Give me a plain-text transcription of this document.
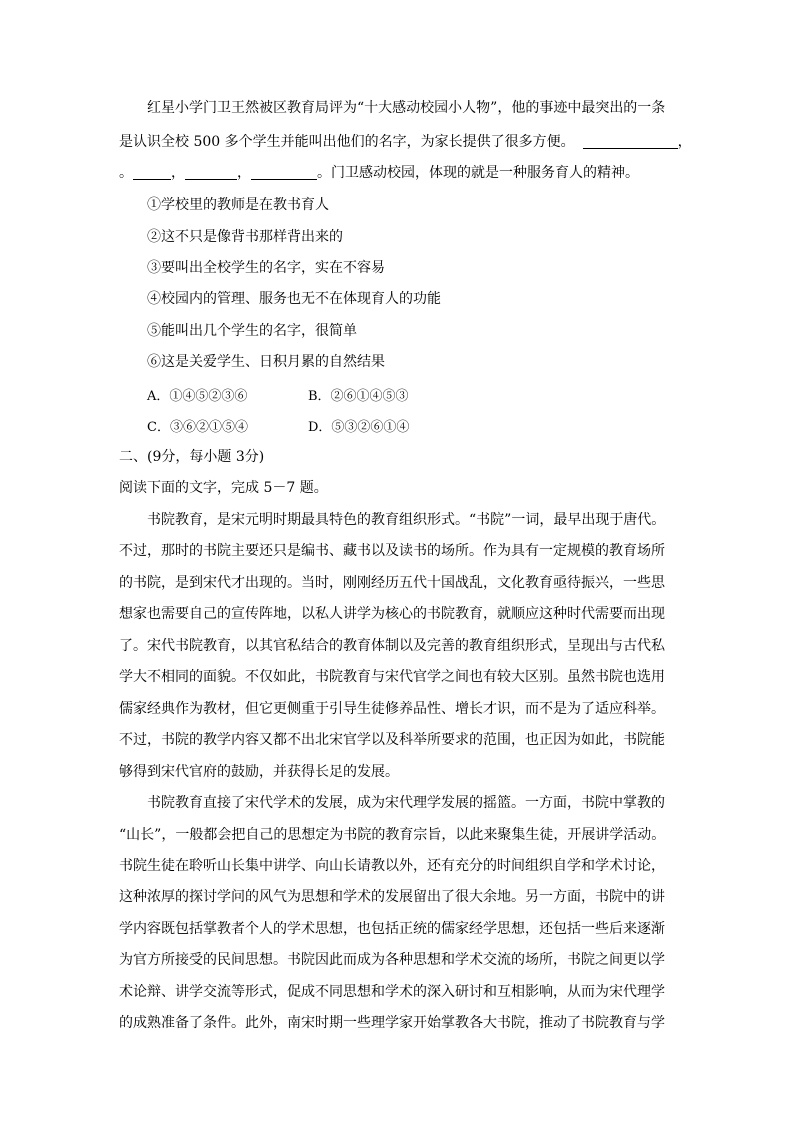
红星小学门卫王然被区教育局评为“十大感动校园小人物”，他的事迹中最突出的一条
是认识全校 500 多个学生并能叫出他们的名字，为家长提供了很多方便。	，
。	，	，	。门卫感动校园，体现的就是一种服务育人的精神。
①学校里的教师是在教书育人
②这不只是像背书那样背出来的
③要叫出全校学生的名字，实在不容易
④校园内的管理、服务也无不在体现育人的功能
⑤能叫出几个学生的名字，很简单
⑥这是关爱学生、日积月累的自然结果
A．①④⑤②③⑥	B．②⑥①④⑤③
C．③⑥②①⑤④	D．⑤③②⑥①④
二、(9分，每小题 3分)
阅读下面的文字，完成 5－7 题。
书院教育，是宋元明时期最具特色的教育组织形式。“书院”一词，最早出现于唐代。
不过，那时的书院主要还只是编书、藏书以及读书的场所。作为具有一定规模的教育场所
的书院，是到宋代才出现的。当时，刚刚经历五代十国战乱，文化教育亟待振兴，一些思
想家也需要自己的宣传阵地，以私人讲学为核心的书院教育，就顺应这种时代需要而出现
了。宋代书院教育，以其官私结合的教育体制以及完善的教育组织形式，呈现出与古代私
学大不相同的面貌。不仅如此，书院教育与宋代官学之间也有较大区别。虽然书院也选用
儒家经典作为教材，但它更侧重于引导生徒修养品性、增长才识，而不是为了适应科举。
不过，书院的教学内容又都不出北宋官学以及科举所要求的范围，也正因为如此，书院能
够得到宋代官府的鼓励，并获得长足的发展。
书院教育直接了宋代学术的发展，成为宋代理学发展的摇篮。一方面，书院中掌教的
“山长”，一般都会把自己的思想定为书院的教育宗旨，以此来聚集生徒，开展讲学活动。
书院生徒在聆听山长集中讲学、向山长请教以外，还有充分的时间组织自学和学术讨论，
这种浓厚的探讨学问的风气为思想和学术的发展留出了很大余地。另一方面，书院中的讲
学内容既包括掌教者个人的学术思想，也包括正统的儒家经学思想，还包括一些后来逐渐
为官方所接受的民间思想。书院因此而成为各种思想和学术交流的场所，书院之间更以学
术论辩、讲学交流等形式，促成不同思想和学术的深入研讨和互相影响，从而为宋代理学
的成熟准备了条件。此外，南宋时期一些理学家开始掌教各大书院，推动了书院教育与学
